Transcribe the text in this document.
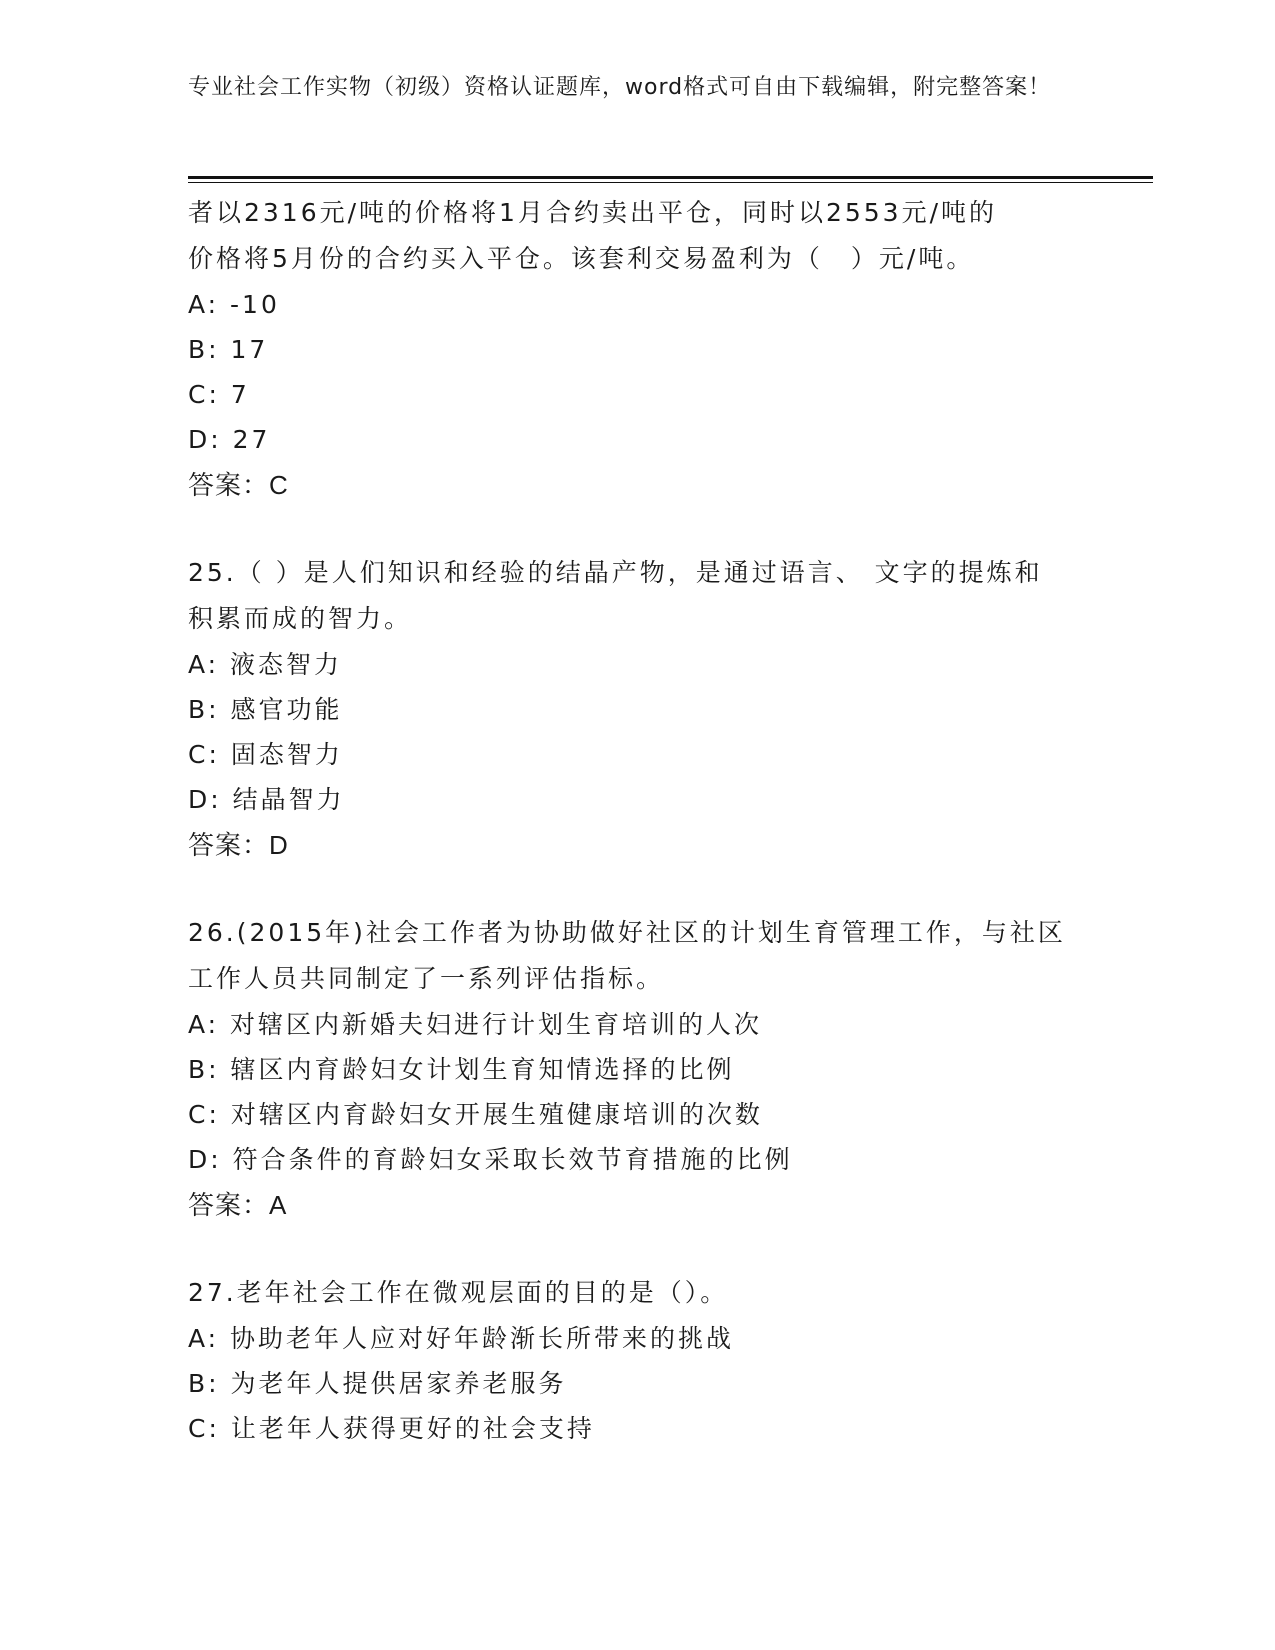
专业社会工作实物（初级）资格认证题库，word格式可自由下载编辑，附完整答案！

者以2316元/吨的价格将1月合约卖出平仓，同时以2553元/吨的

价格将5月份的合约买入平仓。该套利交易盈利为（　）元/吨。

A: -10

B: 17

C: 7

D: 27

答案：C

25.（ ）是人们知识和经验的结晶产物，是通过语言、 文字的提炼和

积累而成的智力。

A: 液态智力

B: 感官功能

C: 固态智力

D: 结晶智力

答案：D

26.(2015年)社会工作者为协助做好社区的计划生育管理工作，与社区

工作人员共同制定了一系列评估指标。

A: 对辖区内新婚夫妇进行计划生育培训的人次

B: 辖区内育龄妇女计划生育知情选择的比例

C: 对辖区内育龄妇女开展生殖健康培训的次数

D: 符合条件的育龄妇女采取长效节育措施的比例

答案：A

27.老年社会工作在微观层面的目的是（）。

A: 协助老年人应对好年龄渐长所带来的挑战

B: 为老年人提供居家养老服务

C: 让老年人获得更好的社会支持
